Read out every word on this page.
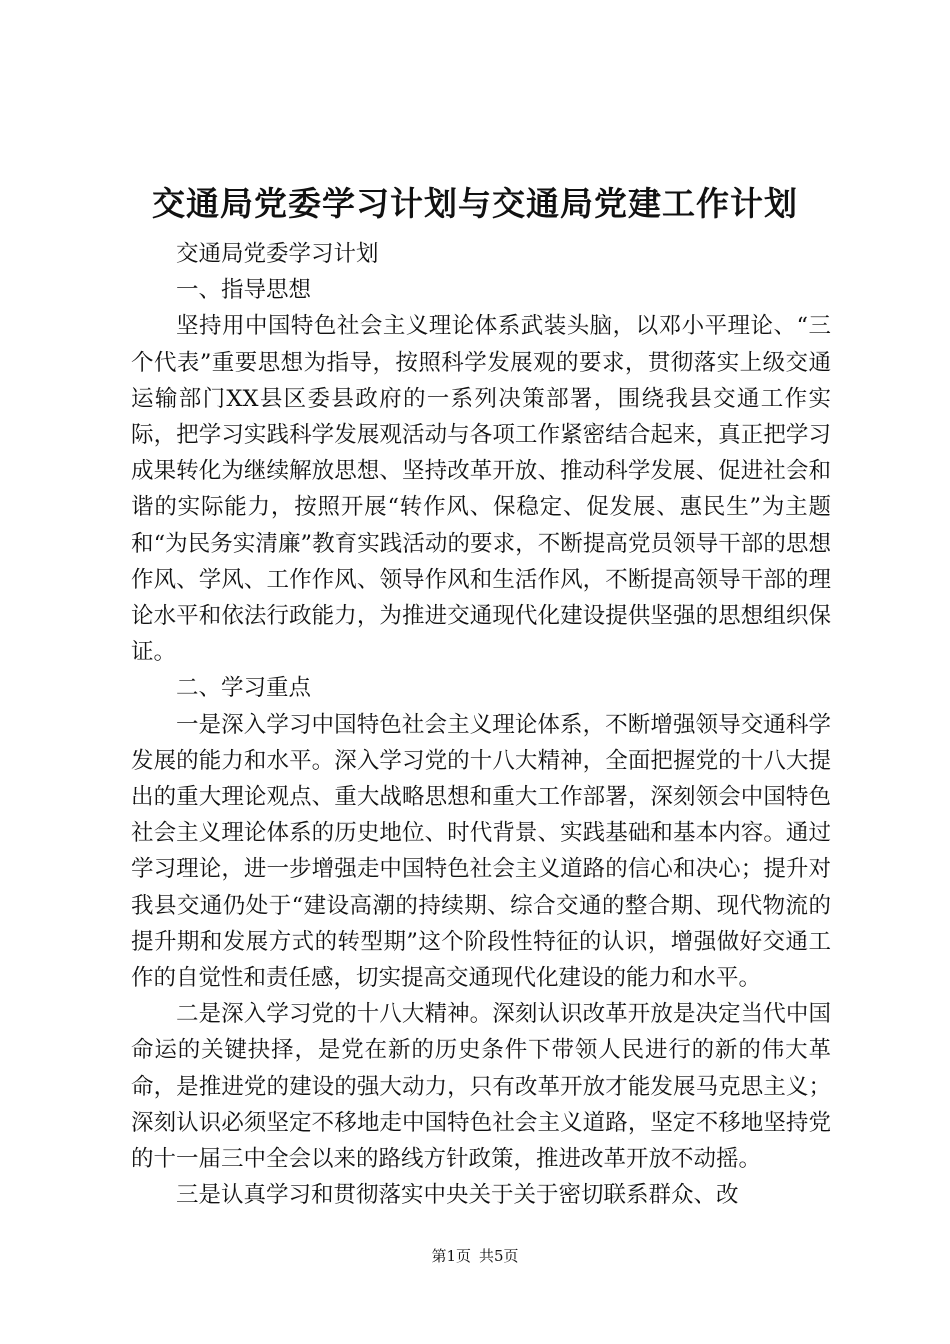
交通局党委学习计划与交通局党建工作计划

交通局党委学习计划

一、指导思想

坚持用中国特色社会主义理论体系武装头脑，以邓小平理论、“三个代表”重要思想为指导，按照科学发展观的要求，贯彻落实上级交通运输部门XX县区委县政府的一系列决策部署，围绕我县交通工作实际，把学习实践科学发展观活动与各项工作紧密结合起来，真正把学习成果转化为继续解放思想、坚持改革开放、推动科学发展、促进社会和谐的实际能力，按照开展“转作风、保稳定、促发展、惠民生”为主题和“为民务实清廉”教育实践活动的要求，不断提高党员领导干部的思想作风、学风、工作作风、领导作风和生活作风，不断提高领导干部的理论水平和依法行政能力，为推进交通现代化建设提供坚强的思想组织保证。

二、学习重点

一是深入学习中国特色社会主义理论体系，不断增强领导交通科学发展的能力和水平。深入学习党的十八大精神，全面把握党的十八大提出的重大理论观点、重大战略思想和重大工作部署，深刻领会中国特色社会主义理论体系的历史地位、时代背景、实践基础和基本内容。通过学习理论，进一步增强走中国特色社会主义道路的信心和决心；提升对我县交通仍处于“建设高潮的持续期、综合交通的整合期、现代物流的提升期和发展方式的转型期”这个阶段性特征的认识，增强做好交通工作的自觉性和责任感，切实提高交通现代化建设的能力和水平。

二是深入学习党的十八大精神。深刻认识改革开放是决定当代中国命运的关键抉择，是党在新的历史条件下带领人民进行的新的伟大革命，是推进党的建设的强大动力，只有改革开放才能发展马克思主义；深刻认识必须坚定不移地走中国特色社会主义道路，坚定不移地坚持党的十一届三中全会以来的路线方针政策，推进改革开放不动摇。

三是认真学习和贯彻落实中央关于关于密切联系群众、改

第1页 共5页
